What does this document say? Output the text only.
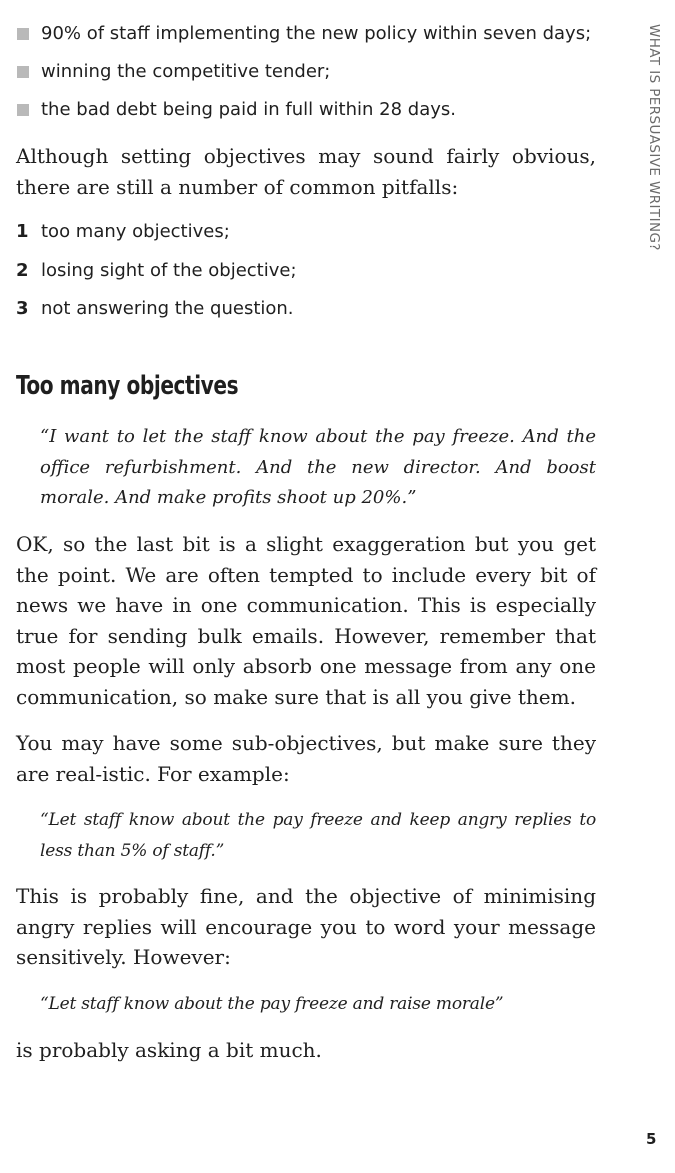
90% of staff implementing the new policy within seven days;
winning the competitive tender;
the bad debt being paid in full within 28 days.

Although setting objectives may sound fairly obvious, there are still a number of common pitfalls:

1 too many objectives;
2 losing sight of the objective;
3 not answering the question.
Too many objectives

“I want to let the staff know about the pay freeze. And the office refurbishment. And the new director. And boost morale. And make profits shoot up 20%.”

OK, so the last bit is a slight exaggeration but you get the point. We are often tempted to include every bit of news we have in one communication. This is especially true for sending bulk emails. However, remember that most people will only absorb one message from any one communication, so make sure that is all you give them.

You may have some sub-objectives, but make sure they are real-istic. For example:

“Let staff know about the pay freeze and keep angry replies to less than 5% of staff.”

This is probably fine, and the objective of minimising angry replies will encourage you to word your message sensitively. However:

“Let staff know about the pay freeze and raise morale”

is probably asking a bit much.

WHAT IS PERSUASIVE WRITING?
5
